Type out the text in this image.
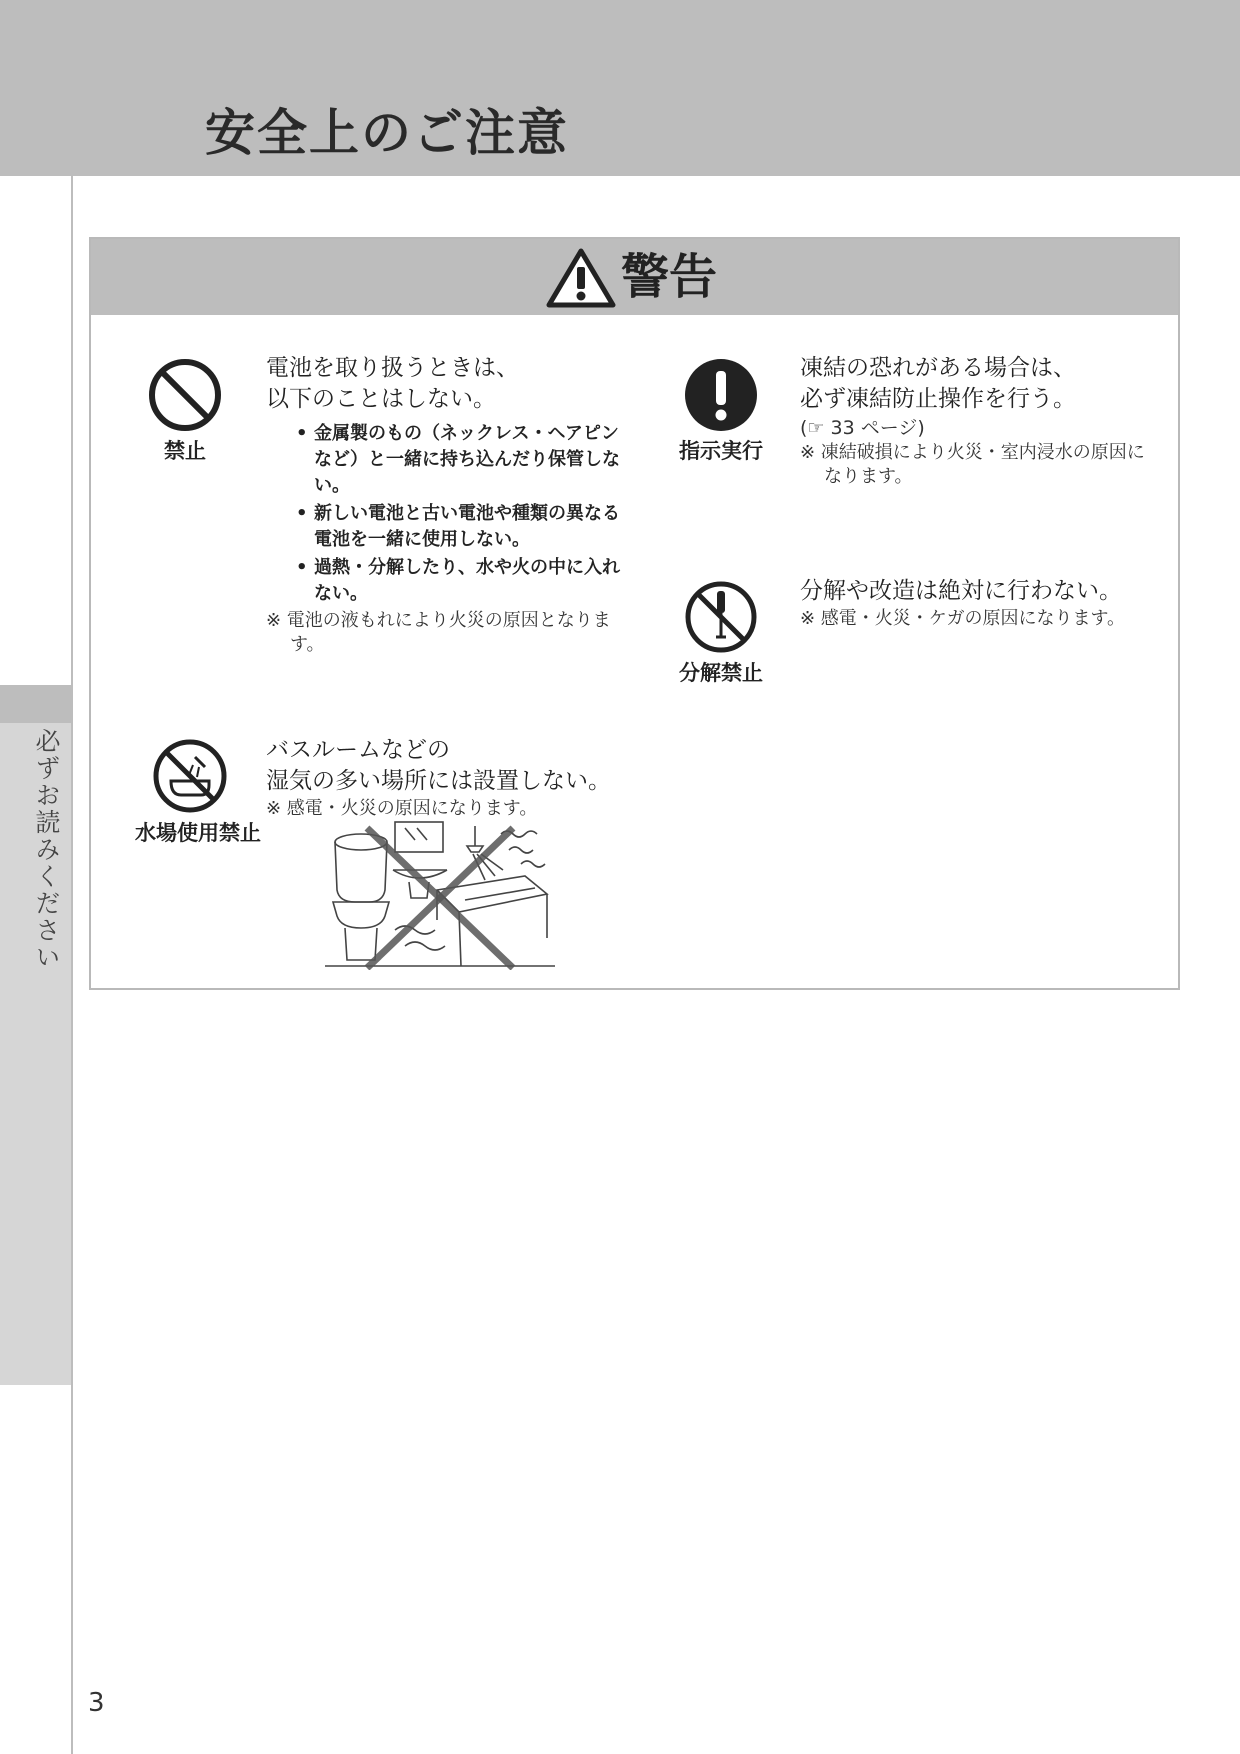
安全上のご注意
必ずお読みください
警告
禁止
電池を取り扱うときは、
以下のことはしない。
• 金属製のもの（ネックレス・ヘアピンなど）と一緒に持ち込んだり保管しない。
• 新しい電池と古い電池や種類の異なる電池を一緒に使用しない。
• 過熱・分解したり、水や火の中に入れない。
※ 電池の液もれにより火災の原因となります。
指示実行
凍結の恐れがある場合は、
必ず凍結防止操作を行う。
(☞ 33 ページ)
※ 凍結破損により火災・室内浸水の原因になります。
分解禁止
分解や改造は絶対に行わない。
※ 感電・火災・ケガの原因になります。
水場使用禁止
バスルームなどの
湿気の多い場所には設置しない。
※ 感電・火災の原因になります。
3
